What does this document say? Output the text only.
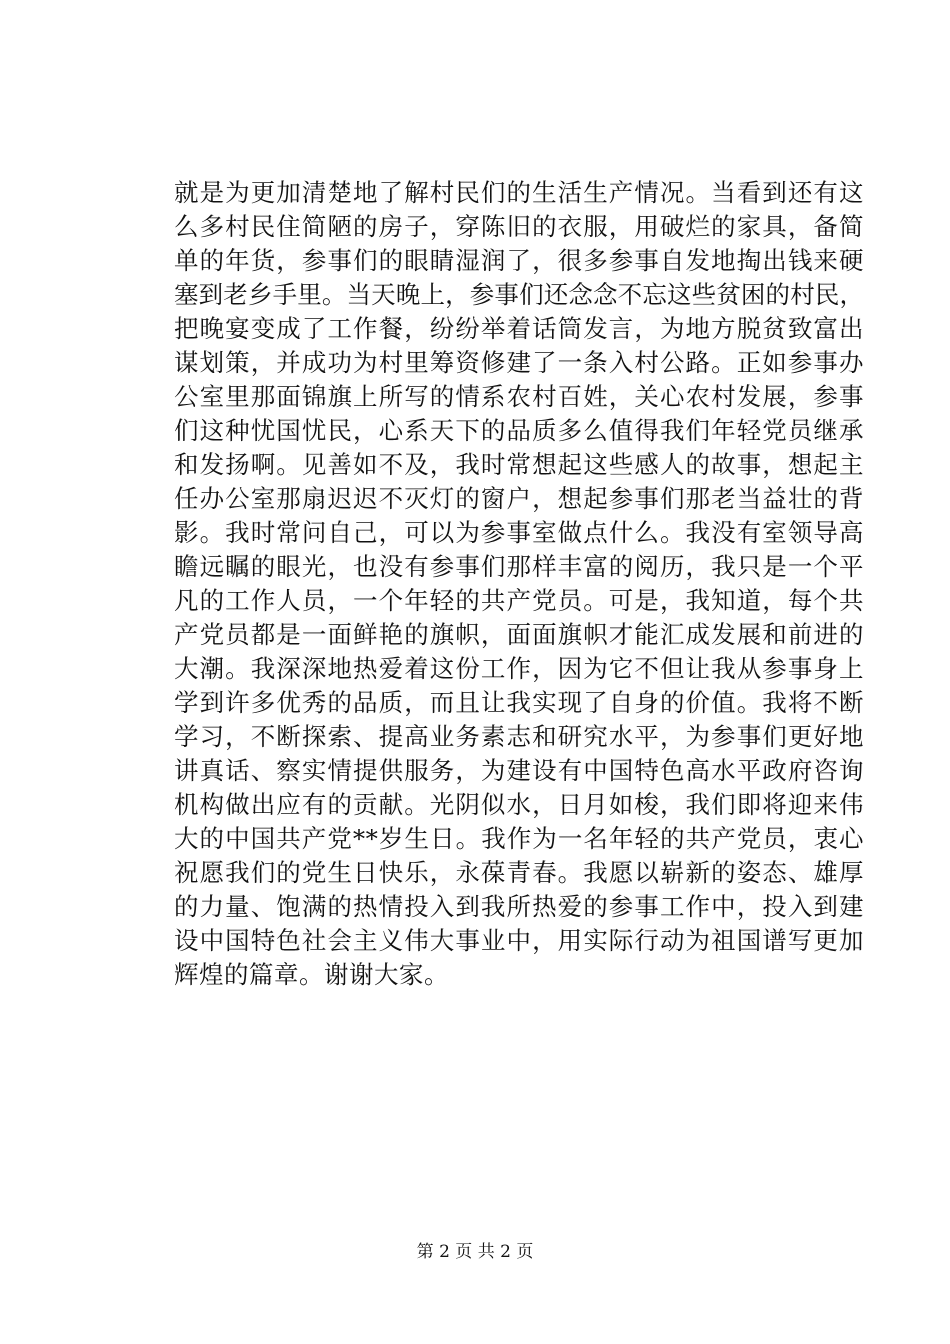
就是为更加清楚地了解村民们的生活生产情况。当看到还有这
么多村民住简陋的房子，穿陈旧的衣服，用破烂的家具，备简
单的年货，参事们的眼睛湿润了，很多参事自发地掏出钱来硬
塞到老乡手里。当天晚上，参事们还念念不忘这些贫困的村民，
把晚宴变成了工作餐，纷纷举着话筒发言，为地方脱贫致富出
谋划策，并成功为村里筹资修建了一条入村公路。正如参事办
公室里那面锦旗上所写的情系农村百姓，关心农村发展，参事
们这种忧国忧民，心系天下的品质多么值得我们年轻党员继承
和发扬啊。见善如不及，我时常想起这些感人的故事，想起主
任办公室那扇迟迟不灭灯的窗户，想起参事们那老当益壮的背
影。我时常问自己，可以为参事室做点什么。我没有室领导高
瞻远瞩的眼光，也没有参事们那样丰富的阅历，我只是一个平
凡的工作人员，一个年轻的共产党员。可是，我知道，每个共
产党员都是一面鲜艳的旗帜，面面旗帜才能汇成发展和前进的
大潮。我深深地热爱着这份工作，因为它不但让我从参事身上
学到许多优秀的品质，而且让我实现了自身的价值。我将不断
学习，不断探索、提高业务素志和研究水平，为参事们更好地
讲真话、察实情提供服务，为建设有中国特色高水平政府咨询
机构做出应有的贡献。光阴似水，日月如梭，我们即将迎来伟
大的中国共产党**岁生日。我作为一名年轻的共产党员，衷心
祝愿我们的党生日快乐，永葆青春。我愿以崭新的姿态、雄厚
的力量、饱满的热情投入到我所热爱的参事工作中，投入到建
设中国特色社会主义伟大事业中，用实际行动为祖国谱写更加
辉煌的篇章。谢谢大家。
第 2 页 共 2 页
